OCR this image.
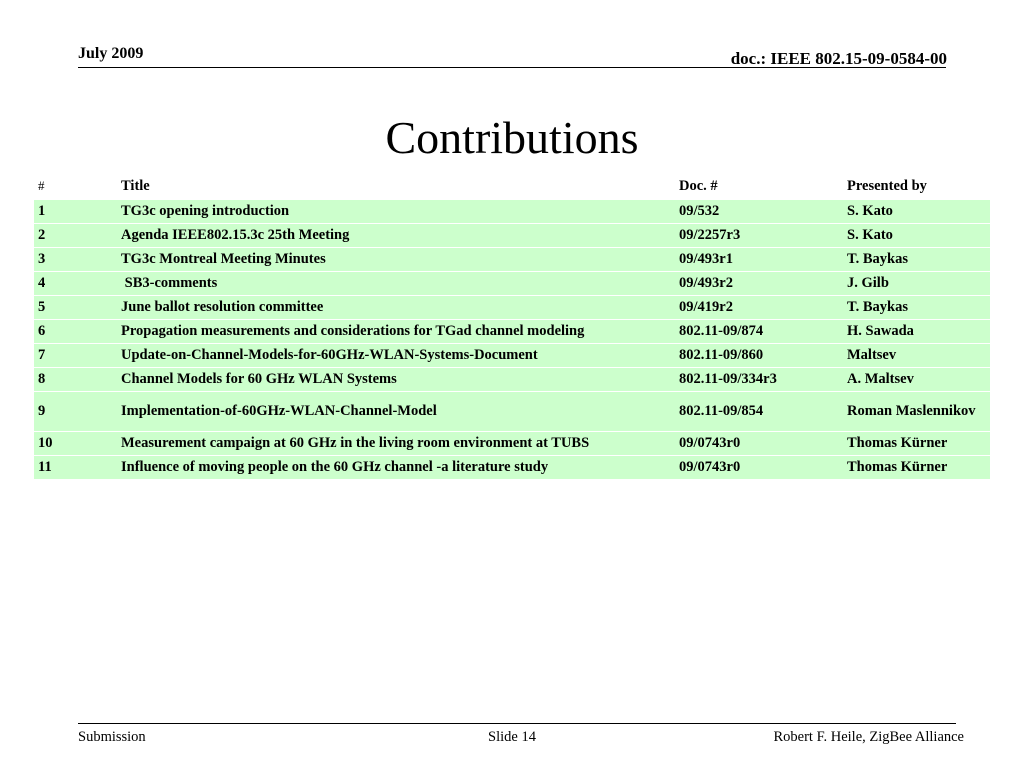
July 2009	doc.: IEEE 802.15-09-0584-00
Contributions
#	Title	Doc. #	Presented by
1	TG3c opening introduction	09/532	S. Kato
2	Agenda IEEE802.15.3c 25th Meeting	09/2257r3	S. Kato
3	TG3c Montreal Meeting Minutes	09/493r1	T. Baykas
4	SB3-comments	09/493r2	J. Gilb
5	June ballot resolution committee	09/419r2	T. Baykas
6	Propagation measurements and considerations for TGad channel modeling	802.11-09/874	H. Sawada
7	Update-on-Channel-Models-for-60GHz-WLAN-Systems-Document	802.11-09/860	Maltsev
8	Channel Models for 60 GHz WLAN Systems	802.11-09/334r3	A. Maltsev
9	Implementation-of-60GHz-WLAN-Channel-Model	802.11-09/854	Roman Maslennikov
10	Measurement campaign at 60 GHz in the living room environment at TUBS	09/0743r0	Thomas Kürner
11	Influence of moving people on the 60 GHz channel -a literature study	09/0743r0	Thomas Kürner
Submission	Slide 14	Robert F. Heile, ZigBee Alliance
